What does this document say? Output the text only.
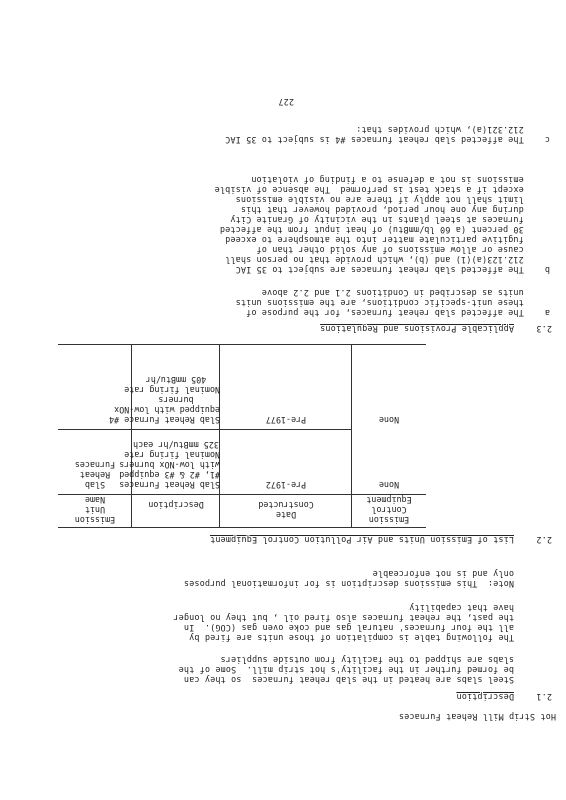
Hot Strip Mill Reheat Furnaces
2.1
Description
Steel slabs are heated in the slab reheat furnaces  so they can
be formed further in the facility's hot strip mill.  Some of the
slabs are shipped to the facility from outside suppliers
The following table is compilation of those units are fired by
all the four furnaces' natural gas and coke oven gas (COG).  In
the past, the reheat furnaces also fired oil , but they no longer
have that capability
Note:  This emissions description is for informational purposes
only and is not enforceable
2.2
List of Emission Units and Air Pollution Control Equipment
Emission
Control
Equipment
Date
Constructed
Description
Emission
Unit
Name
None
Pre-1972
Slab Reheat Furnaces
#1, #2 & #3 equipped
with low-NOx burners
Nominal firing rate
325 mmBtu/hr each
Slab
Reheat
Furnaces
None
Pre-1977
Slab Reheat Furnace #4
equipped with low-NOx
burners
Nominal firing rate
405 mmBtu/hr
2.3
Applicable Provisions and Regulations
a    The affected slab reheat furnaces, for the purpose of
these unit-specific conditions, are the emissions units
units as described in Conditions 2.1 and 2.2 above
b    The affected slab reheat furnaces are subject to 35 IAC
212.123(a)(1) and (b), which provide that no person shall
cause or allow emissions of any solid other than of
fugitive particulate matter into the atmosphere to exceed
30 percent (a 60 lb/mmBtu) of heat input from the affected
furnaces at steel plants in the vicinity of Granite City
during any one hour period, provided however that this
limit shall not apply if there are no visible emissions
except if a stack test is performed  The absence of visible
emissions is not a defense to a finding of violation
c    The affected slab reheat furnaces #4 is subject to 35 IAC
212.321(a), which provides that:
227
